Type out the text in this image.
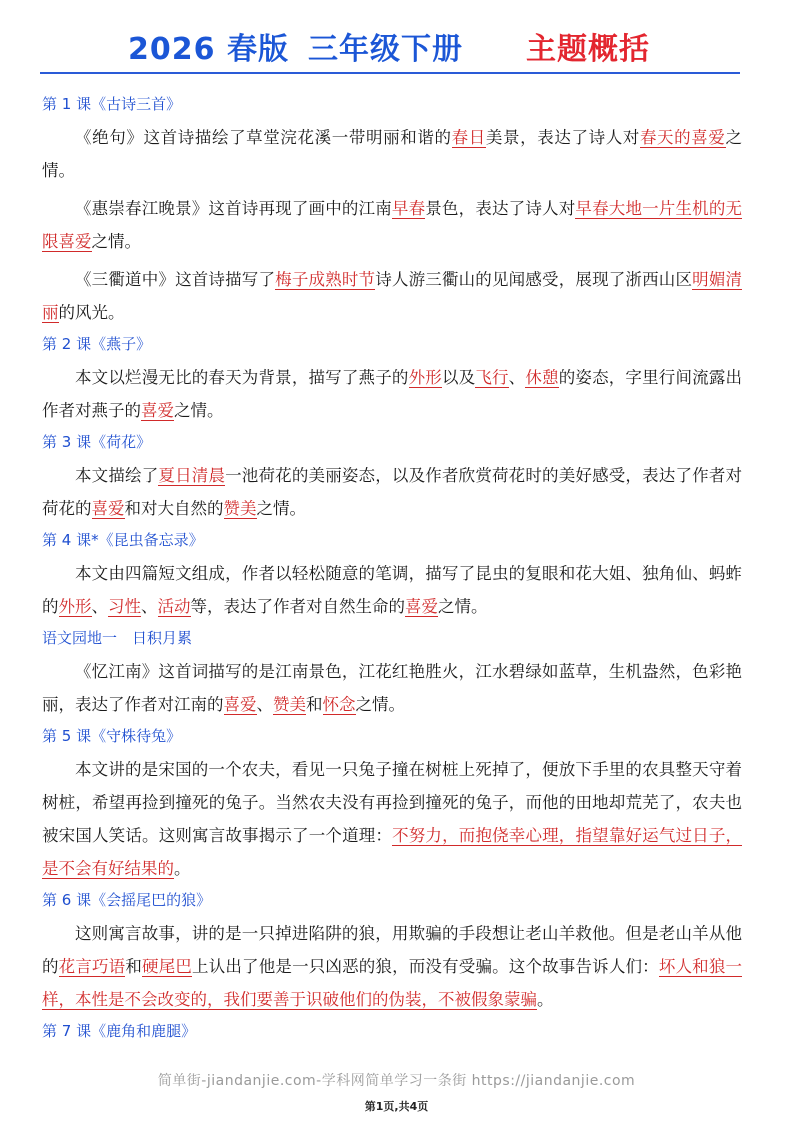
2026 春版 三年级下册 主题概括
第 1 课《古诗三首》

《绝句》这首诗描绘了草堂浣花溪一带明丽和谐的春日美景，表达了诗人对春天的喜爱之情。

《惠崇春江晚景》这首诗再现了画中的江南早春景色，表达了诗人对早春大地一片生机的无限喜爱之情。

《三衢道中》这首诗描写了梅子成熟时节诗人游三衢山的见闻感受，展现了浙西山区明媚清丽的风光。

第 2 课《燕子》

本文以烂漫无比的春天为背景，描写了燕子的外形以及飞行、休憩的姿态，字里行间流露出作者对燕子的喜爱之情。

第 3 课《荷花》

本文描绘了夏日清晨一池荷花的美丽姿态，以及作者欣赏荷花时的美好感受，表达了作者对荷花的喜爱和对大自然的赞美之情。

第 4 课*《昆虫备忘录》

本文由四篇短文组成，作者以轻松随意的笔调，描写了昆虫的复眼和花大姐、独角仙、蚂蚱的外形、习性、活动等，表达了作者对自然生命的喜爱之情。

语文园地一　日积月累

《忆江南》这首词描写的是江南景色，江花红艳胜火，江水碧绿如蓝草，生机盎然，色彩艳丽，表达了作者对江南的喜爱、赞美和怀念之情。

第 5 课《守株待兔》

本文讲的是宋国的一个农夫，看见一只兔子撞在树桩上死掉了，便放下手里的农具整天守着树桩，希望再捡到撞死的兔子。当然农夫没有再捡到撞死的兔子，而他的田地却荒芜了，农夫也被宋国人笑话。这则寓言故事揭示了一个道理：不努力，而抱侥幸心理，指望靠好运气过日子，是不会有好结果的。

第 6 课《会摇尾巴的狼》

这则寓言故事，讲的是一只掉进陷阱的狼，用欺骗的手段想让老山羊救他。但是老山羊从他的花言巧语和硬尾巴上认出了他是一只凶恶的狼，而没有受骗。这个故事告诉人们：坏人和狼一样，本性是不会改变的，我们要善于识破他们的伪装，不被假象蒙骗。

第 7 课《鹿角和鹿腿》
简单街-jiandanjie.com-学科网简单学习一条街 https://jiandanjie.com
第1页,共4页
